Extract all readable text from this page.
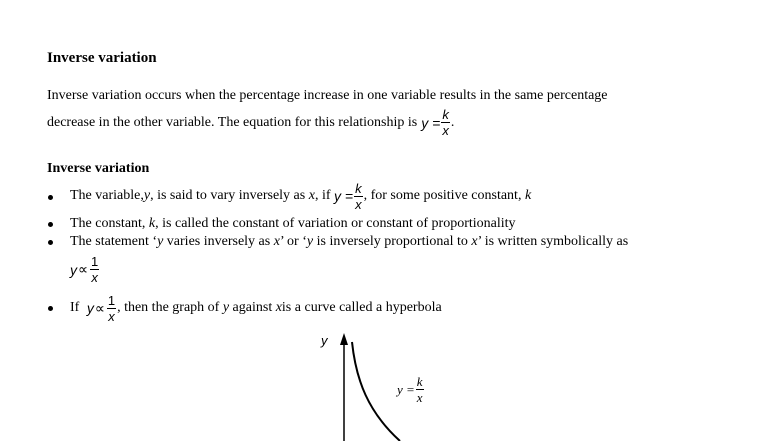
Inverse variation
Inverse variation occurs when the percentage increase in one variable results in the same percentage
decrease in the other variable. The equation for this relationship is $y = \frac{k}{x}$ .
Inverse variation
The variable, y , is said to vary inversely as x , if $y = \frac{k}{x}$ , for some positive constant, k
The constant, k, is called the constant of variation or constant of proportionality
The statement ‘y varies inversely as x’ or ‘y is inversely proportional to x’ is written symbolically as
$y \propto \frac{1}{x}$
If $y \propto \frac{1}{x}$ , then the graph of y against x is a curve called a hyperbola
y
$y = \frac{k}{x}$
